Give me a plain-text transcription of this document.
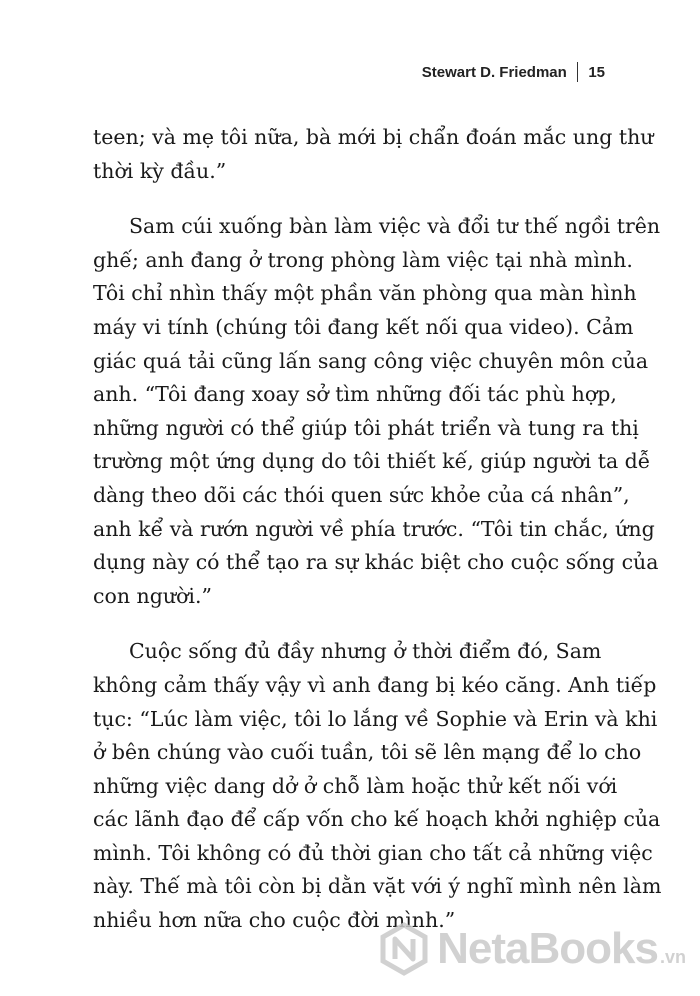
Stewart D. Friedman 15
teen; và mẹ tôi nữa, bà mới bị chẩn đoán mắc ung thư
thời kỳ đầu.”
Sam cúi xuống bàn làm việc và đổi tư thế ngồi trên
ghế; anh đang ở trong phòng làm việc tại nhà mình.
Tôi chỉ nhìn thấy một phần văn phòng qua màn hình
máy vi tính (chúng tôi đang kết nối qua video). Cảm
giác quá tải cũng lấn sang công việc chuyên môn của
anh. “Tôi đang xoay sở tìm những đối tác phù hợp,
những người có thể giúp tôi phát triển và tung ra thị
trường một ứng dụng do tôi thiết kế, giúp người ta dễ
dàng theo dõi các thói quen sức khỏe của cá nhân”,
anh kể và rướn người về phía trước. “Tôi tin chắc, ứng
dụng này có thể tạo ra sự khác biệt cho cuộc sống của
con người.”
Cuộc sống đủ đầy nhưng ở thời điểm đó, Sam
không cảm thấy vậy vì anh đang bị kéo căng. Anh tiếp
tục: “Lúc làm việc, tôi lo lắng về Sophie và Erin và khi
ở bên chúng vào cuối tuần, tôi sẽ lên mạng để lo cho
những việc dang dở ở chỗ làm hoặc thử kết nối với
các lãnh đạo để cấp vốn cho kế hoạch khởi nghiệp của
mình. Tôi không có đủ thời gian cho tất cả những việc
này. Thế mà tôi còn bị dằn vặt với ý nghĩ mình nên làm
nhiều hơn nữa cho cuộc đời mình.”
NetaBooks .vn
